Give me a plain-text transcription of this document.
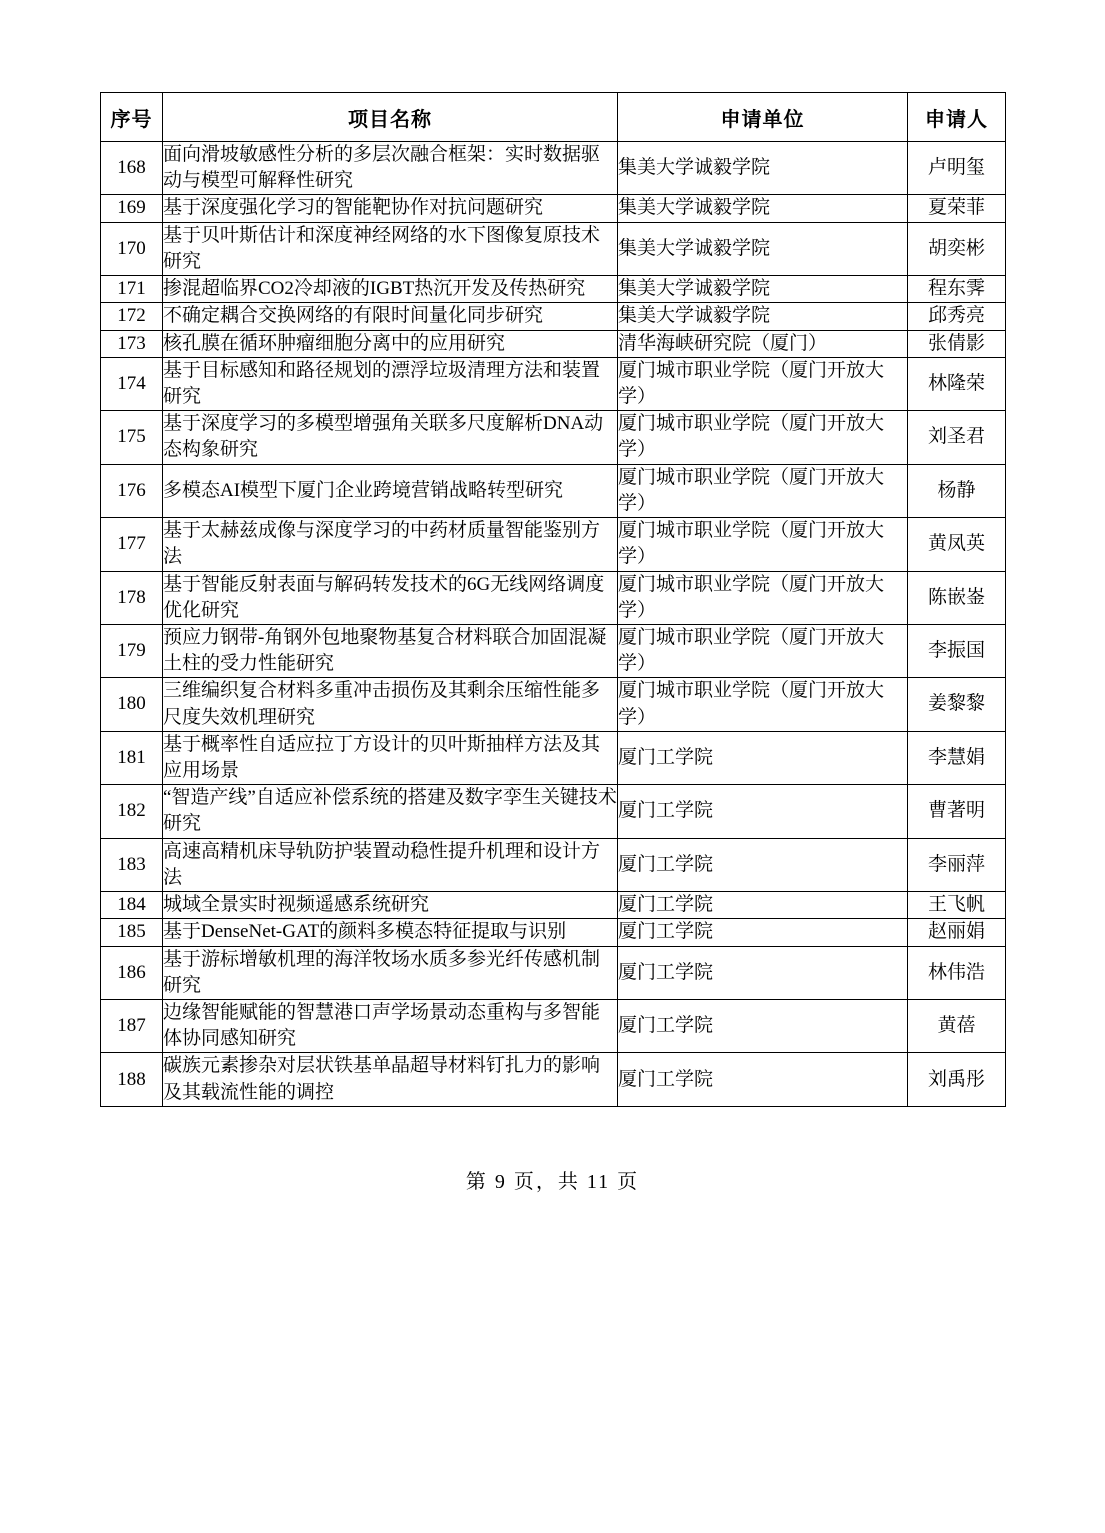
序号	项目名称	申请单位	申请人
168	面向滑坡敏感性分析的多层次融合框架：实时数据驱动与模型可解释性研究	集美大学诚毅学院	卢明玺
169	基于深度强化学习的智能靶协作对抗问题研究	集美大学诚毅学院	夏荣菲
170	基于贝叶斯估计和深度神经网络的水下图像复原技术研究	集美大学诚毅学院	胡奕彬
171	掺混超临界CO2冷却液的IGBT热沉开发及传热研究	集美大学诚毅学院	程东霁
172	不确定耦合交换网络的有限时间量化同步研究	集美大学诚毅学院	邱秀亮
173	核孔膜在循环肿瘤细胞分离中的应用研究	清华海峡研究院（厦门）	张倩影
174	基于目标感知和路径规划的漂浮垃圾清理方法和装置研究	厦门城市职业学院（厦门开放大学）	林隆荣
175	基于深度学习的多模型增强角关联多尺度解析DNA动态构象研究	厦门城市职业学院（厦门开放大学）	刘圣君
176	多模态AI模型下厦门企业跨境营销战略转型研究	厦门城市职业学院（厦门开放大学）	杨静
177	基于太赫兹成像与深度学习的中药材质量智能鉴别方法	厦门城市职业学院（厦门开放大学）	黄凤英
178	基于智能反射表面与解码转发技术的6G无线网络调度优化研究	厦门城市职业学院（厦门开放大学）	陈嵌崟
179	预应力钢带-角钢外包地聚物基复合材料联合加固混凝土柱的受力性能研究	厦门城市职业学院（厦门开放大学）	李振国
180	三维编织复合材料多重冲击损伤及其剩余压缩性能多尺度失效机理研究	厦门城市职业学院（厦门开放大学）	姜黎黎
181	基于概率性自适应拉丁方设计的贝叶斯抽样方法及其应用场景	厦门工学院	李慧娟
182	“智造产线”自适应补偿系统的搭建及数字孪生关键技术研究	厦门工学院	曹著明
183	高速高精机床导轨防护装置动稳性提升机理和设计方法	厦门工学院	李丽萍
184	城域全景实时视频遥感系统研究	厦门工学院	王飞帆
185	基于DenseNet-GAT的颜料多模态特征提取与识别	厦门工学院	赵丽娟
186	基于游标增敏机理的海洋牧场水质多参光纤传感机制研究	厦门工学院	林伟浩
187	边缘智能赋能的智慧港口声学场景动态重构与多智能体协同感知研究	厦门工学院	黄蓓
188	碳族元素掺杂对层状铁基单晶超导材料钉扎力的影响及其载流性能的调控	厦门工学院	刘禹彤
第 9 页，共 11 页
